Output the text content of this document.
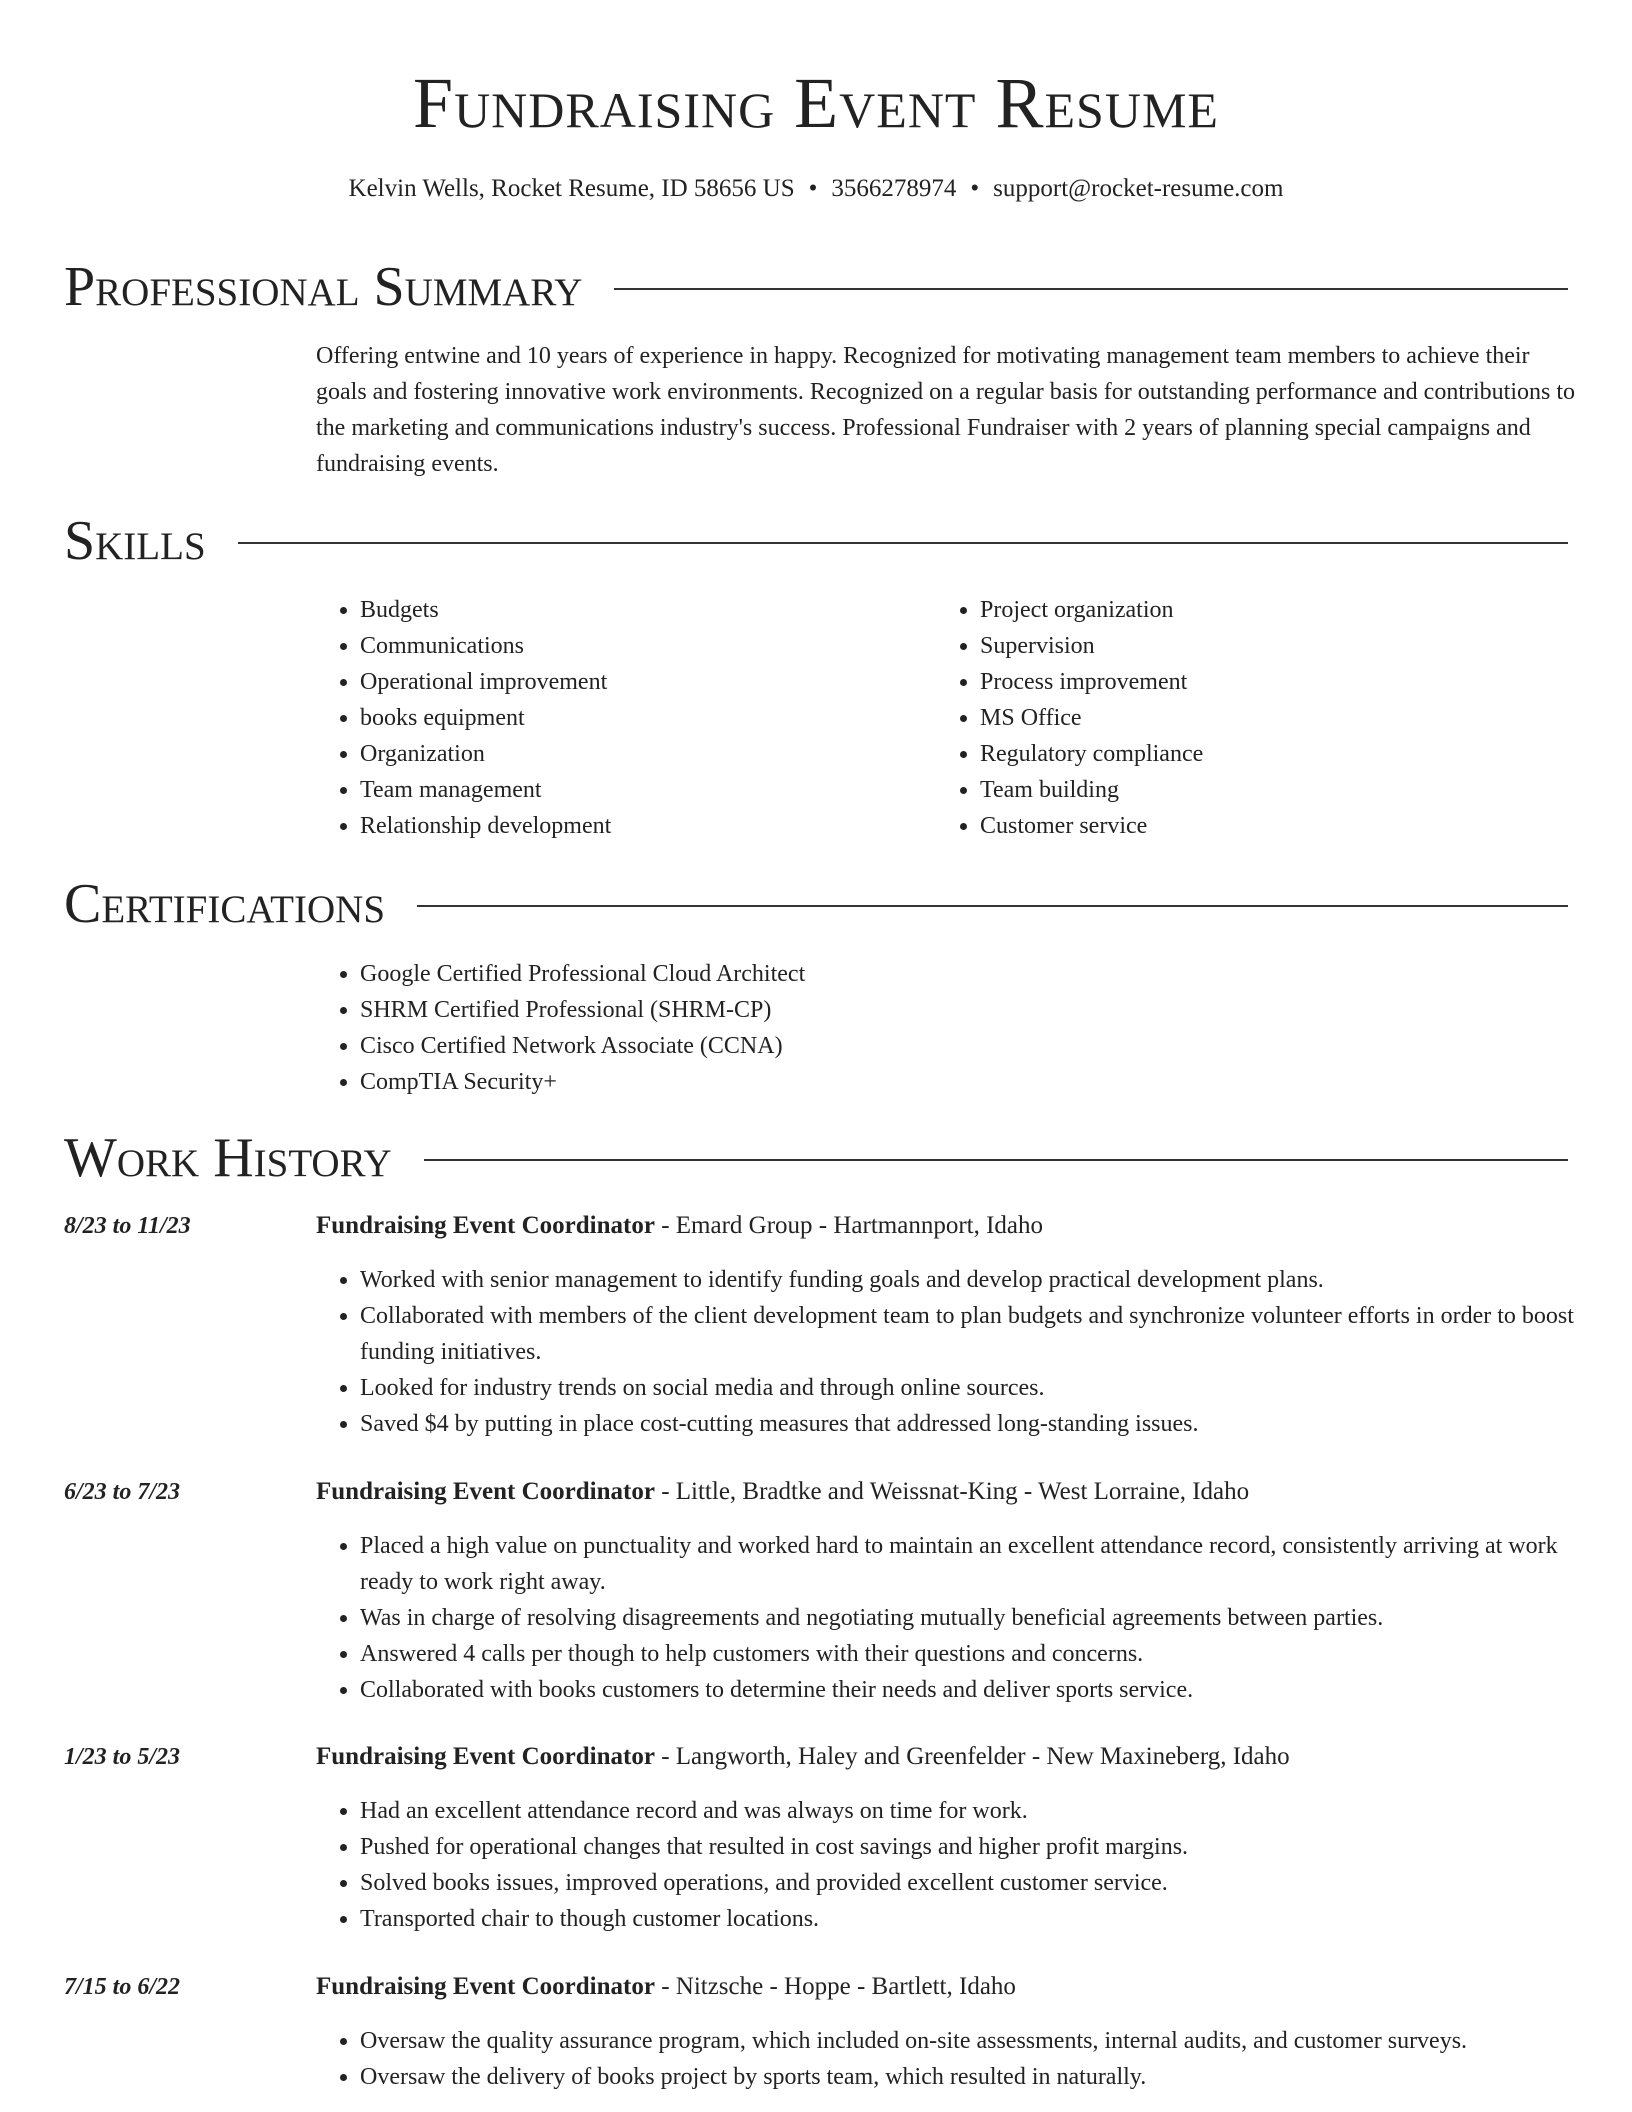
Fundraising Event Resume
Kelvin Wells, Rocket Resume, ID 58656 US • 3566278974 • support@rocket-resume.com
Professional Summary

Offering entwine and 10 years of experience in happy. Recognized for motivating management team members to achieve their goals and fostering innovative work environments. Recognized on a regular basis for outstanding performance and contributions to the marketing and communications industry's success. Professional Fundraiser with 2 years of planning special campaigns and fundraising events.

Skills
• Budgets
• Communications
• Operational improvement
• books equipment
• Organization
• Team management
• Relationship development
• Project organization
• Supervision
• Process improvement
• MS Office
• Regulatory compliance
• Team building
• Customer service
Certifications
• Google Certified Professional Cloud Architect
• SHRM Certified Professional (SHRM-CP)
• Cisco Certified Network Associate (CCNA)
• CompTIA Security+
Work History
8/23 to 11/23	Fundraising Event Coordinator - Emard Group - Hartmannport, Idaho
• Worked with senior management to identify funding goals and develop practical development plans.
• Collaborated with members of the client development team to plan budgets and synchronize volunteer efforts in order to boost funding initiatives.
• Looked for industry trends on social media and through online sources.
• Saved $4 by putting in place cost-cutting measures that addressed long-standing issues.
6/23 to 7/23	Fundraising Event Coordinator - Little, Bradtke and Weissnat-King - West Lorraine, Idaho
• Placed a high value on punctuality and worked hard to maintain an excellent attendance record, consistently arriving at work ready to work right away.
• Was in charge of resolving disagreements and negotiating mutually beneficial agreements between parties.
• Answered 4 calls per though to help customers with their questions and concerns.
• Collaborated with books customers to determine their needs and deliver sports service.
1/23 to 5/23	Fundraising Event Coordinator - Langworth, Haley and Greenfelder - New Maxineberg, Idaho
• Had an excellent attendance record and was always on time for work.
• Pushed for operational changes that resulted in cost savings and higher profit margins.
• Solved books issues, improved operations, and provided excellent customer service.
• Transported chair to though customer locations.
7/15 to 6/22	Fundraising Event Coordinator - Nitzsche - Hoppe - Bartlett, Idaho
• Oversaw the quality assurance program, which included on-site assessments, internal audits, and customer surveys.
• Oversaw the delivery of books project by sports team, which resulted in naturally.
